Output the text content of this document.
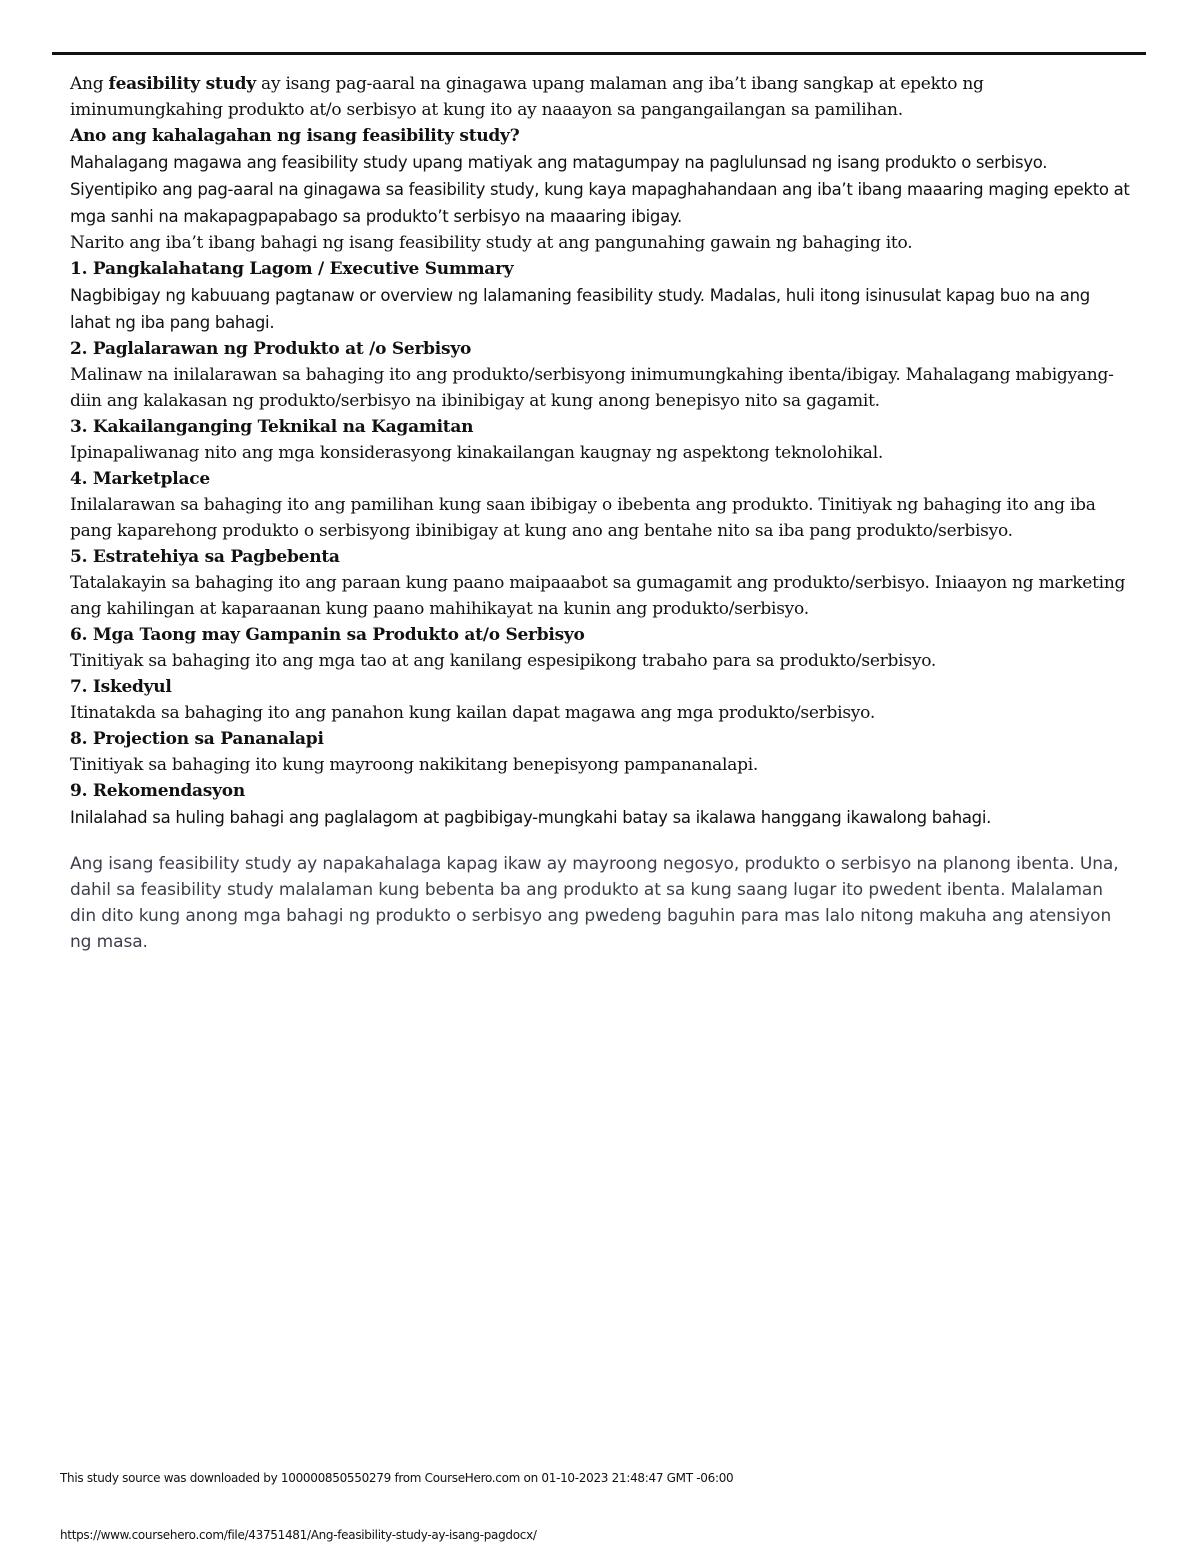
Ang feasibility study ay isang pag-aaral na ginagawa upang malaman ang iba’t ibang sangkap at epekto ng iminumungkahing produkto at/o serbisyo at kung ito ay naaayon sa pangangailangan sa pamilihan.

Ano ang kahalagahan ng isang feasibility study?

Mahalagang magawa ang feasibility study upang matiyak ang matagumpay na paglulunsad ng isang produkto o serbisyo. Siyentipiko ang pag-aaral na ginagawa sa feasibility study, kung kaya mapaghahandaan ang iba’t ibang maaaring maging epekto at mga sanhi na makapagpapabago sa produkto’t serbisyo na maaaring ibigay.

Narito ang iba’t ibang bahagi ng isang feasibility study at ang pangunahing gawain ng bahaging ito.

1. Pangkalahatang Lagom / Executive Summary

Nagbibigay ng kabuuang pagtanaw or overview ng lalamaning feasibility study. Madalas, huli itong isinusulat kapag buo na ang lahat ng iba pang bahagi.

2. Paglalarawan ng Produkto at /o Serbisyo

Malinaw na inilalarawan sa bahaging ito ang produkto/serbisyong inimumungkahing ibenta/ibigay. Mahalagang mabigyang-diin ang kalakasan ng produkto/serbisyo na ibinibigay at kung anong benepisyo nito sa gagamit.

3. Kakailanganging Teknikal na Kagamitan

Ipinapaliwanag nito ang mga konsiderasyong kinakailangan kaugnay ng aspektong teknolohikal.

4. Marketplace

Inilalarawan sa bahaging ito ang pamilihan kung saan ibibigay o ibebenta ang produkto. Tinitiyak ng bahaging ito ang iba pang kaparehong produkto o serbisyong ibinibigay at kung ano ang bentahe nito sa iba pang produkto/serbisyo.

5. Estratehiya sa Pagbebenta

Tatalakayin sa bahaging ito ang paraan kung paano maipaaabot sa gumagamit ang produkto/serbisyo. Iniaayon ng marketing ang kahilingan at kaparaanan kung paano mahihikayat na kunin ang produkto/serbisyo.

6. Mga Taong may Gampanin sa Produkto at/o Serbisyo

Tinitiyak sa bahaging ito ang mga tao at ang kanilang espesipikong trabaho para sa produkto/serbisyo.

7. Iskedyul

Itinatakda sa bahaging ito ang panahon kung kailan dapat magawa ang mga produkto/serbisyo.

8. Projection sa Pananalapi

Tinitiyak sa bahaging ito kung mayroong nakikitang benepisyong pampananalapi.

9. Rekomendasyon

Inilalahad sa huling bahagi ang paglalagom at pagbibigay-mungkahi batay sa ikalawa hanggang ikawalong bahagi.

Ang isang feasibility study ay napakahalaga kapag ikaw ay mayroong negosyo, produkto o serbisyo na planong ibenta. Una, dahil sa feasibility study malalaman kung bebenta ba ang produkto at sa kung saang lugar ito pwedent ibenta. Malalaman din dito kung anong mga bahagi ng produkto o serbisyo ang pwedeng baguhin para mas lalo nitong makuha ang atensiyon ng masa.

This study source was downloaded by 100000850550279 from CourseHero.com on 01-10-2023 21:48:47 GMT -06:00
https://www.coursehero.com/file/43751481/Ang-feasibility-study-ay-isang-pagdocx/
